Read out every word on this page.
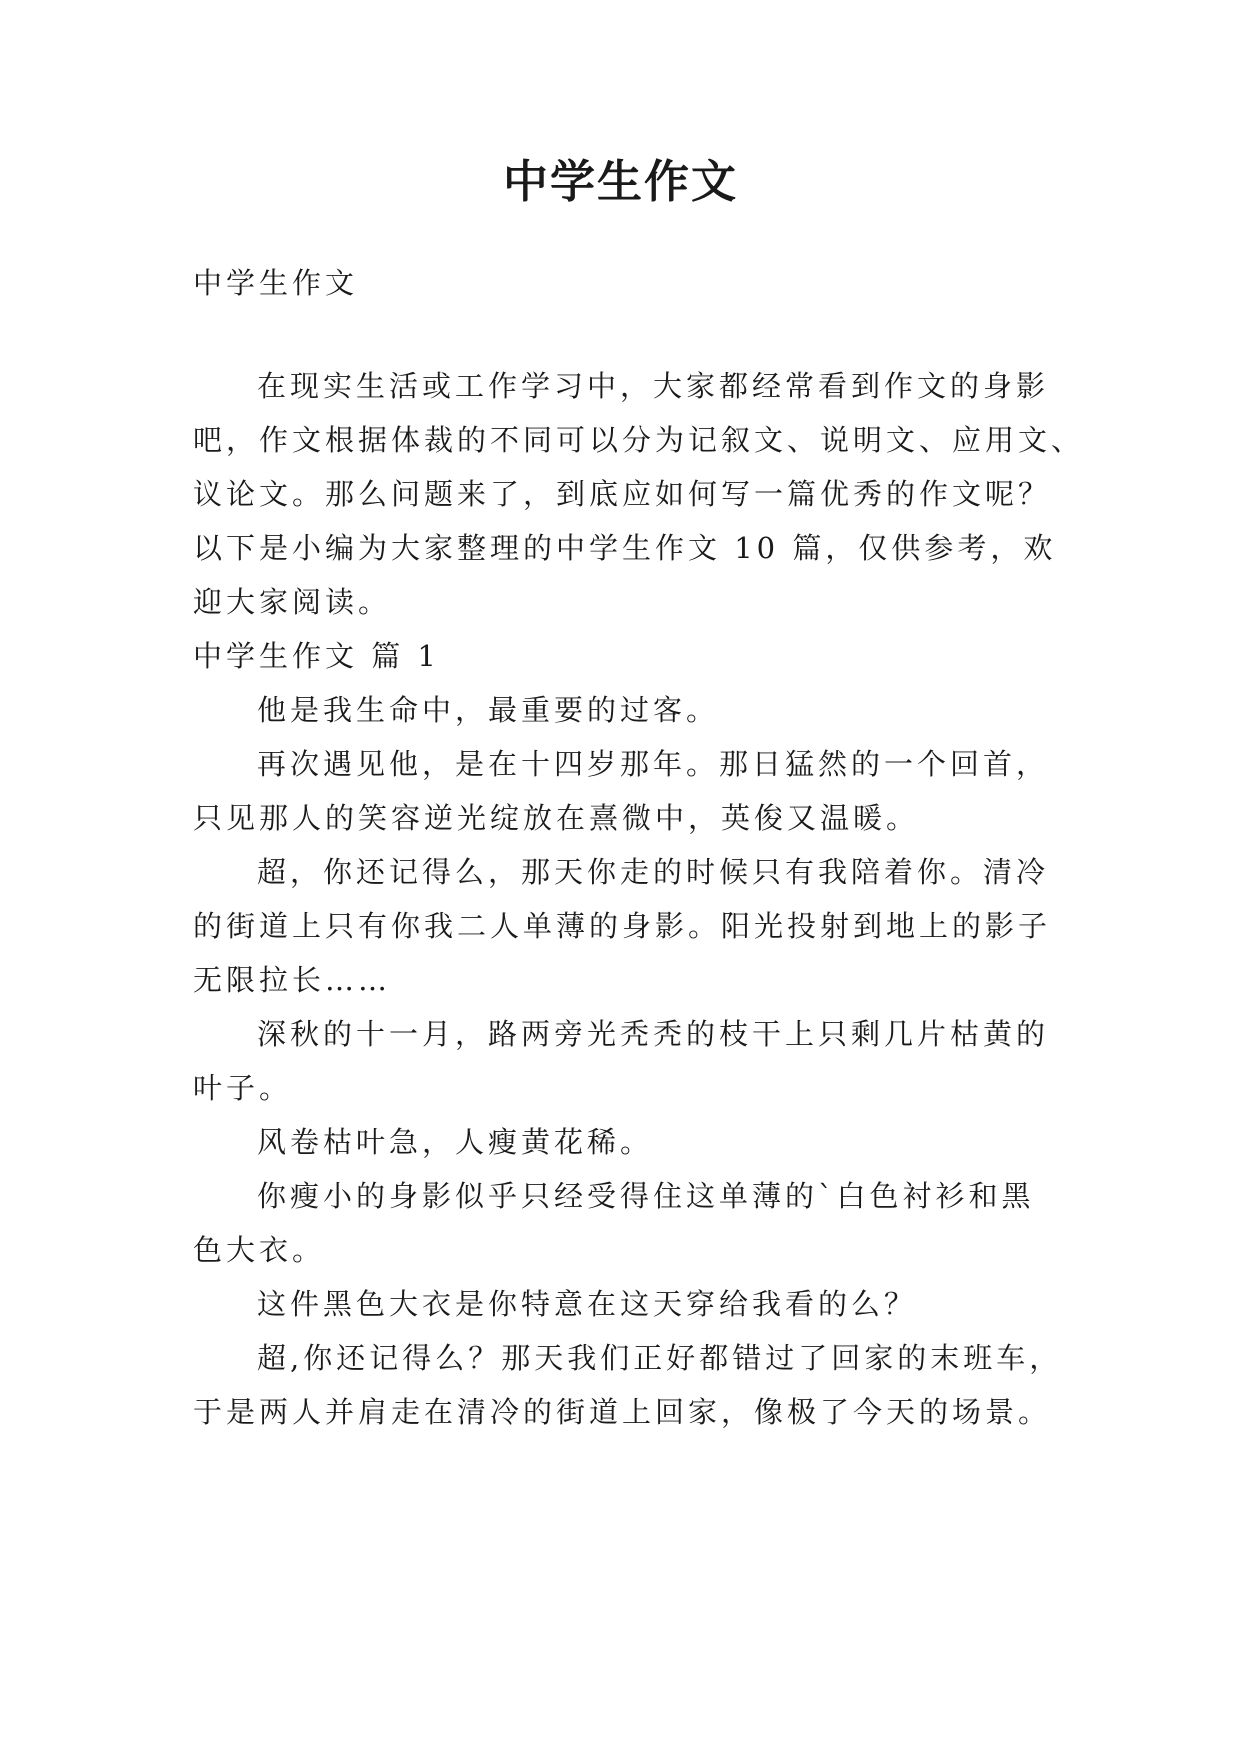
中学生作文

中学生作文

在现实生活或工作学习中，大家都经常看到作文的身影
吧，作文根据体裁的不同可以分为记叙文、说明文、应用文、
议论文。那么问题来了，到底应如何写一篇优秀的作文呢？
以下是小编为大家整理的中学生作文 10 篇，仅供参考，欢
迎大家阅读。

中学生作文 篇 1

他是我生命中，最重要的过客。
再次遇见他，是在十四岁那年。那日猛然的一个回首，
只见那人的笑容逆光绽放在熹微中，英俊又温暖。
超，你还记得么，那天你走的时候只有我陪着你。清冷
的街道上只有你我二人单薄的身影。阳光投射到地上的影子
无限拉长……
深秋的十一月，路两旁光秃秃的枝干上只剩几片枯黄的
叶子。
风卷枯叶急，人瘦黄花稀。
你瘦小的身影似乎只经受得住这单薄的`白色衬衫和黑
色大衣。
这件黑色大衣是你特意在这天穿给我看的么？
超,你还记得么？那天我们正好都错过了回家的末班车，
于是两人并肩走在清冷的街道上回家，像极了今天的场景。
